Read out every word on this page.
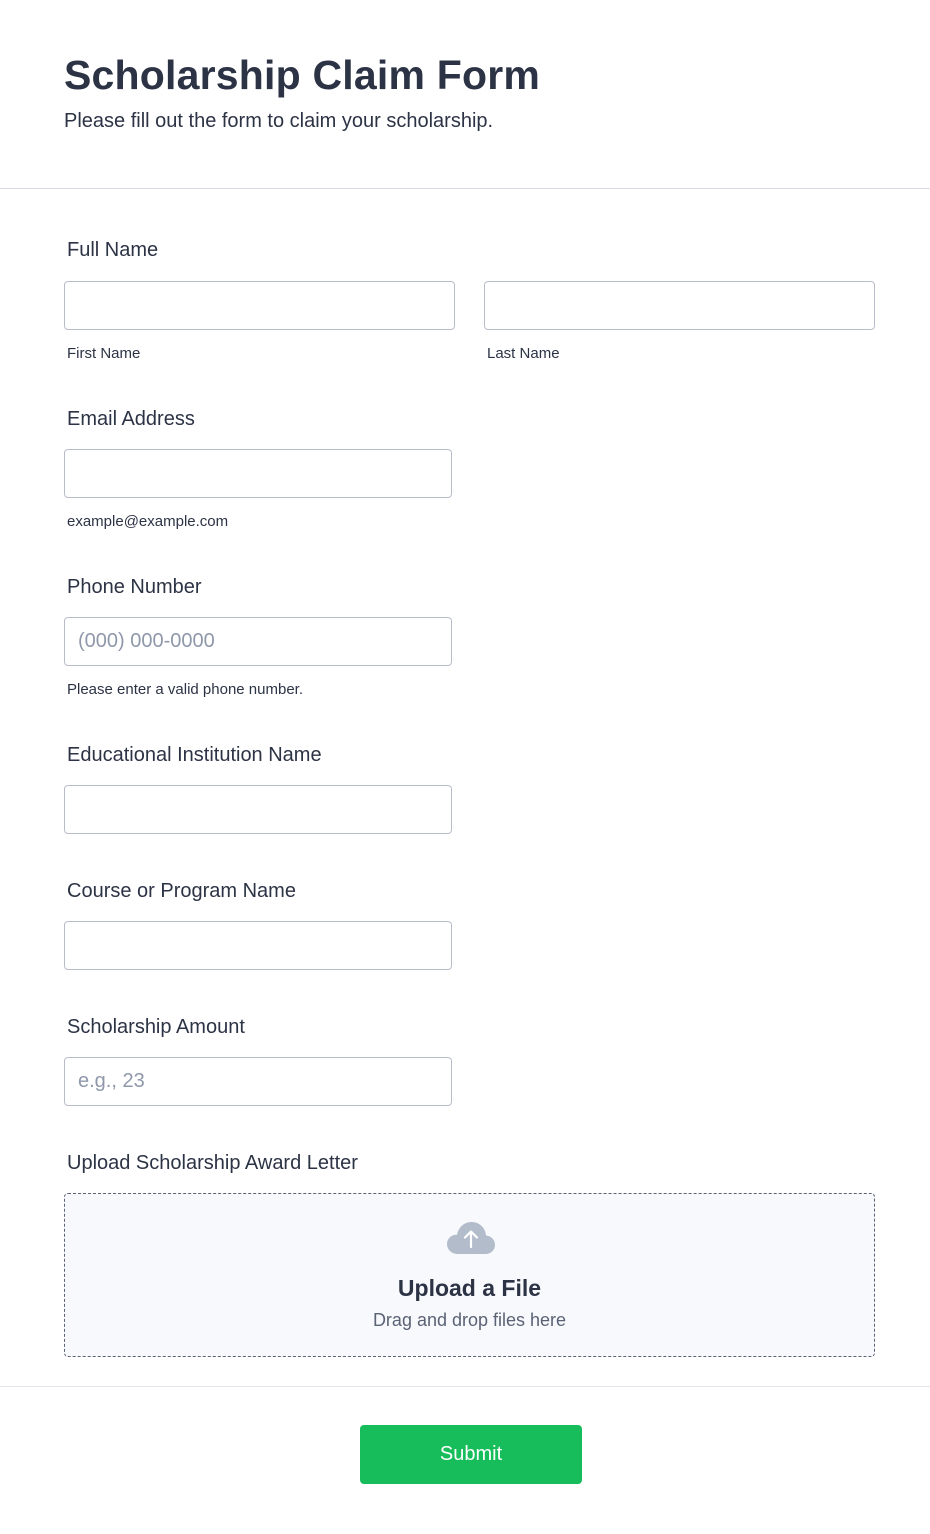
Scholarship Claim Form

Please fill out the form to claim your scholarship.

Full Name
First Name	Last Name
Email Address
example@example.com
Phone Number
(000) 000-0000
Please enter a valid phone number.
Educational Institution Name
Course or Program Name
Scholarship Amount
e.g., 23
Upload Scholarship Award Letter
Upload a File
Drag and drop files here
Submit
